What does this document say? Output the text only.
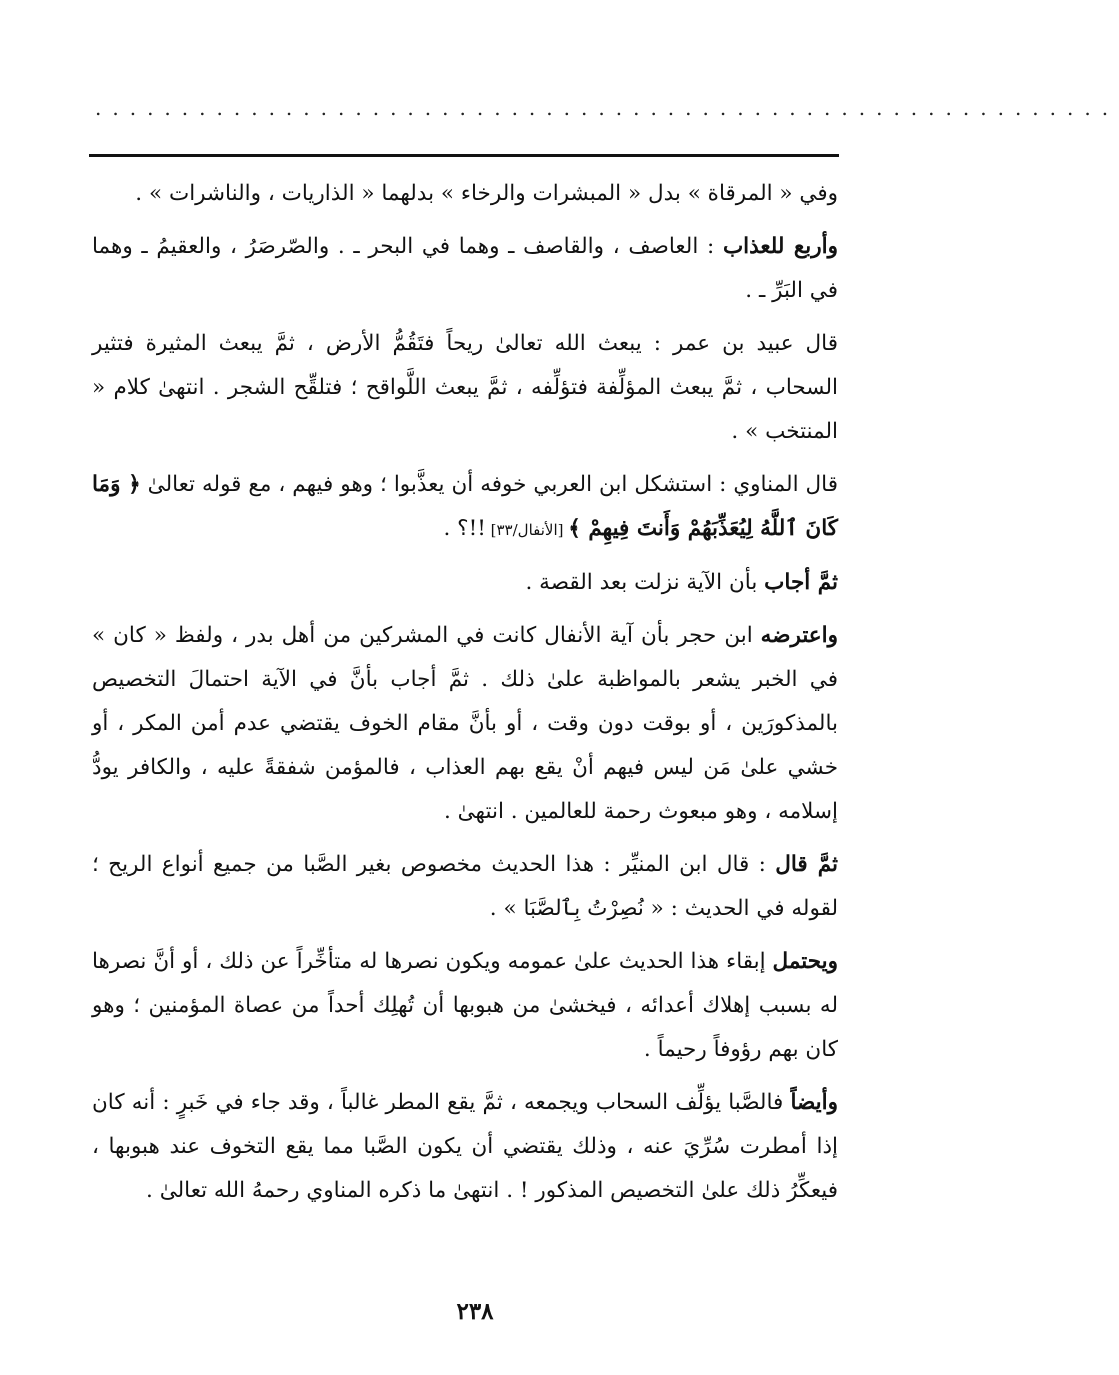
...........................................................

وفي « المرقاة » بدل « المبشرات والرخاء » بدلهما « الذاريات ، والناشرات » .

وأربع للعذاب : العاصف ، والقاصف ـ وهما في البحر ـ . والصّرصَرُ ، والعقيمُ ـ وهما في البَرِّ ـ .

قال عبيد بن عمر : يبعث الله تعالىٰ ريحاً فتَقُمُّ الأرض ، ثمَّ يبعث المثيرة فتثير السحاب ، ثمَّ يبعث المؤلِّفة فتؤلِّفه ، ثمَّ يبعث اللَّواقح ؛ فتلقِّح الشجر . انتهىٰ كلام « المنتخب » .

قال المناوي : استشكل ابن العربي خوفه أن يعذَّبوا ؛ وهو فيهم ، مع قوله تعالىٰ ﴿ وَمَا كَانَ ٱللَّهُ لِيُعَذِّبَهُمْ وَأَنتَ فِيهِمْ ﴾ [الأنفال/٣٣] !!؟ .

ثمَّ أجاب بأن الآية نزلت بعد القصة .

واعترضه ابن حجر بأن آية الأنفال كانت في المشركين من أهل بدر ، ولفظ « كان » في الخبر يشعر بالمواظبة علىٰ ذلك . ثمَّ أجاب بأنَّ في الآية احتمالَ التخصيص بالمذكورَين ، أو بوقت دون وقت ، أو بأنَّ مقام الخوف يقتضي عدم أمن المكر ، أو خشي علىٰ مَن ليس فيهم أنْ يقع بهم العذاب ، فالمؤمن شفقةً عليه ، والكافر يودُّ إسلامه ، وهو مبعوث رحمة للعالمين . انتهىٰ .

ثمَّ قال : قال ابن المنيِّر : هذا الحديث مخصوص بغير الصَّبا من جميع أنواع الريح ؛ لقوله في الحديث : « نُصِرْتُ بِٱلصَّبَا » .

ويحتمل إبقاء هذا الحديث علىٰ عمومه ويكون نصرها له متأخِّراً عن ذلك ، أو أنَّ نصرها له بسبب إهلاك أعدائه ، فيخشىٰ من هبوبها أن تُهلِك أحداً من عصاة المؤمنين ؛ وهو كان بهم رؤوفاً رحيماً .

وأيضاً فالصَّبا يؤلِّف السحاب ويجمعه ، ثمَّ يقع المطر غالباً ، وقد جاء في خَبرٍ : أنه كان إذا أمطرت سُرِّيَ عنه ، وذلك يقتضي أن يكون الصَّبا مما يقع التخوف عند هبوبها ، فيعكِّرُ ذلك علىٰ التخصيص المذكور ! . انتهىٰ ما ذكره المناوي رحمهُ الله تعالىٰ .

٢٣٨
